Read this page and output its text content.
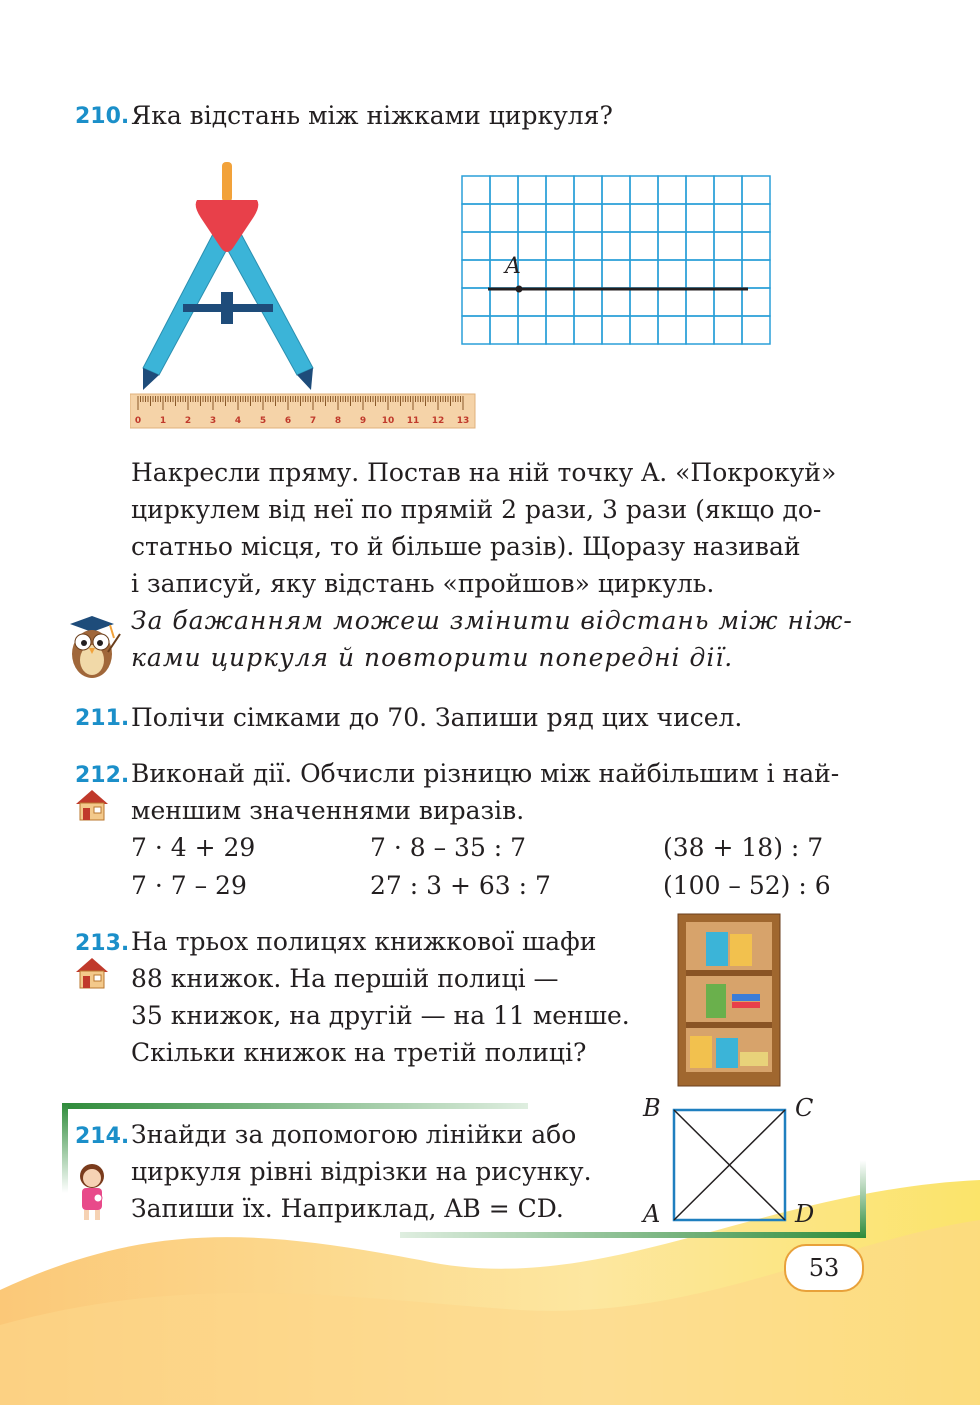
210. Яка відстань між ніжками циркуля?
0 1 2 3 4 5 6 7 8 9 10 11 12 13
A
Накресли пряму. Постав на ній точку A. «Покрокуй»
циркулем від неї по прямій 2 рази, 3 рази (якщо до-
статньо місця, то й більше разів). Щоразу називай
і записуй, яку відстань «пройшов» циркуль.
За бажанням можеш змінити відстань між ніж-
ками циркуля й повторити попередні дії.
211. Полічи сімками до 70. Запиши ряд цих чисел.
212. Виконай дії. Обчисли різницю між найбільшим і най-
меншим значеннями виразів.
7 · 4 + 29	7 · 8 – 35 : 7	(38 + 18) : 7
7 · 7 – 29	27 : 3 + 63 : 7	(100 – 52) : 6
213. На трьох полицях книжкової шафи
88 книжок. На першій полиці —
35 книжок, на другій — на 11 менше.
Скільки книжок на третій полиці?
214. Знайди за допомогою лінійки або
циркуля рівні відрізки на рисунку.
Запиши їх. Наприклад, AB = CD.
B	C
A	D
53
